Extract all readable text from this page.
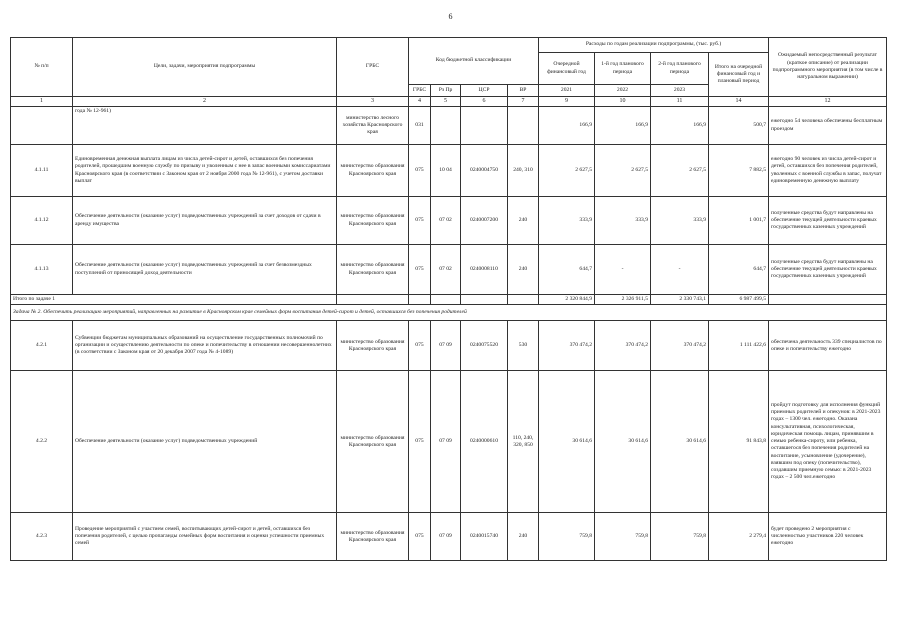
6
№ п/п	Цели, задачи, мероприятия подпрограммы	ГРБС	Код бюджетной классификации				Расходы по годам реализации подпрограммы, (тыс. руб.)				Ожидаемый непосредственный результат (краткое описание) от реализации подпрограммного мероприятия (в том числе в натуральном выражении)
							Очередной финансовый год	1-й год планового периода	2-й год планового периода	Итого на очередной финансовый год и плановый период	
			ГРБС	Рз Пр	ЦСР	ВР	2021	2022	2023		
1	2	3	4	5	6	7	9	10	11	14	12
	года № 12-961)	министерство лесного хозяйства Красноярского края	031				166,9	166,9	166,9	500,7	ежегодно 54 человека обеспечены бесплатным проездом
4.1.11	Единовременная денежная выплата лицам из числа детей-сирот и детей, оставшихся без попечения родителей, прошедшим военную службу по призыву и уволенным с нее в запас военными комиссариатами Красноярского края (в соответствии с Законом края от 2 ноября 2000 года № 12-961), с учетом доставки выплат	министерство образования Красноярского края	075	10 04	0240004750	240, 310	2 627,5	2 627,5	2 627,5	7 882,5	ежегодно 90 человек из числа детей-сирот и детей, оставшихся без попечения родителей, уволенных с военной службы в запас, получат единовременную денежную выплату
4.1.12	Обеспечение деятельности (оказание услуг) подведомственных учреждений за счет доходов от сдачи в аренду имущества	министерство образования Красноярского края	075	07 02	0240007200	240	333,9	333,9	333,9	1 001,7	полученные средства будут направлены на обеспечение текущей деятельности краевых государственных казенных учреждений
4.1.13	Обеспечение деятельности (оказание услуг) подведомственных учреждений за счет безвозмездных поступлений от приносящей доход деятельности	министерство образования Красноярского края	075	07 02	0240008110	240	644,7	-	-	644,7	полученные средства будут направлены на обеспечение текущей деятельности краевых государственных казенных учреждений
Итого по задаче 1							2 320 844,9	2 326 911,5	2 330 743,1	6 987 499,5	
Задача № 2. Обеспечить реализацию мероприятий, направленных на развитие в Красноярском крае семейных форм воспитания детей-сирот и детей, оставшихся без попечения родителей											
4.2.1	Субвенции бюджетам муниципальных образований на осуществление государственных полномочий по организации и осуществлению деятельности по опеке и попечительству в отношении несовершеннолетних (в соответствии с Законом края от 20 декабря 2007 года № 4-1089)	министерство образования Красноярского края	075	07 09	0240075520	530	370 474,2	370 474,2	370 474,2	1 111 422,6	обеспечена деятельность 339 специалистов по опеке и попечительству ежегодно
4.2.2	Обеспечение деятельности (оказание услуг) подведомственных учреждений	министерство образования Красноярского края	075	07 09	0240000610	110, 240, 320, 850	30 614,6	30 614,6	30 614,6	91 843,8	пройдут подготовку для исполнения функций приемных родителей и опекунов: в 2021-2023 годах – 1300 чел. ежегодно. Оказана консультативная, психологическая, юридическая помощь лицам, принявшим в семью ребенка-сироту, или ребенка, оставшегося без попечения родителей на воспитание, усыновление (удочерение), взявшим под опеку (попечительство), создавшим приемную семью: в 2021-2023 годах – 2 500 чел.ежегодно
4.2.3	Проведение мероприятий с участием семей, воспитывающих детей-сирот и детей, оставшихся без попечения родителей, с целью пропаганды семейных форм воспитания и оценки успешности приемных семей	министерство образования Красноярского края	075	07 09	0240015740	240	759,8	759,8	759,8	2 279,4	будет проведено 2 мероприятия с численностью участников 220 человек ежегодно
